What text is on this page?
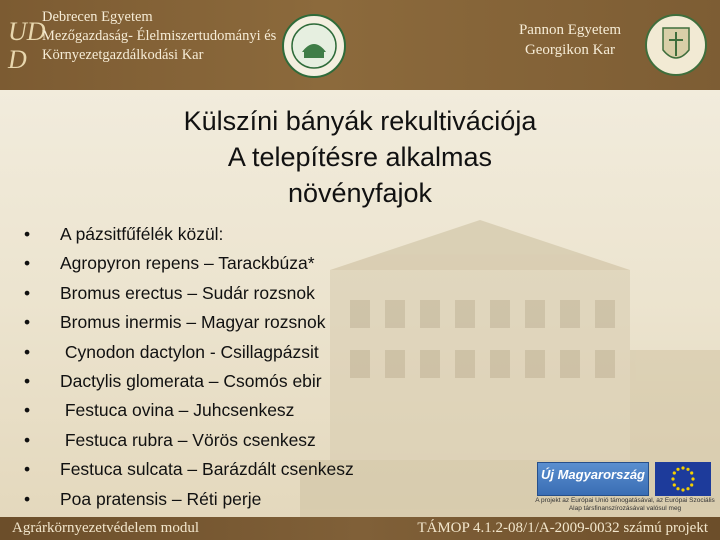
UD
D
Debrecen Egyetem
Mezőgazdaság- Élelmiszertudományi és
Környezetgazdálkodási Kar
Pannon Egyetem
Georgikon Kar
Külszíni bányák rekultivációja
A telepítésre alkalmas
növényfajok
•	A pázsitfűfélék közül:
•	Agropyron repens – Tarackbúza*
•	Bromus erectus – Sudár rozsnok
•	Bromus inermis – Magyar rozsnok
•	Cynodon dactylon - Csillagpázsit
•	Dactylis glomerata – Csomós ebir
•	Festuca ovina – Juhcsenkesz
•	Festuca rubra – Vörös csenkesz
•	Festuca sulcata – Barázdált csenkesz
•	Poa pratensis – Réti perje
Új Magyarország
A projekt az Európai Unió támogatásával, az Európai Szociális Alap társfinanszírozásával valósul meg
Agrárkörnyezetvédelem modul	TÁMOP 4.1.2-08/1/A-2009-0032 számú projekt
